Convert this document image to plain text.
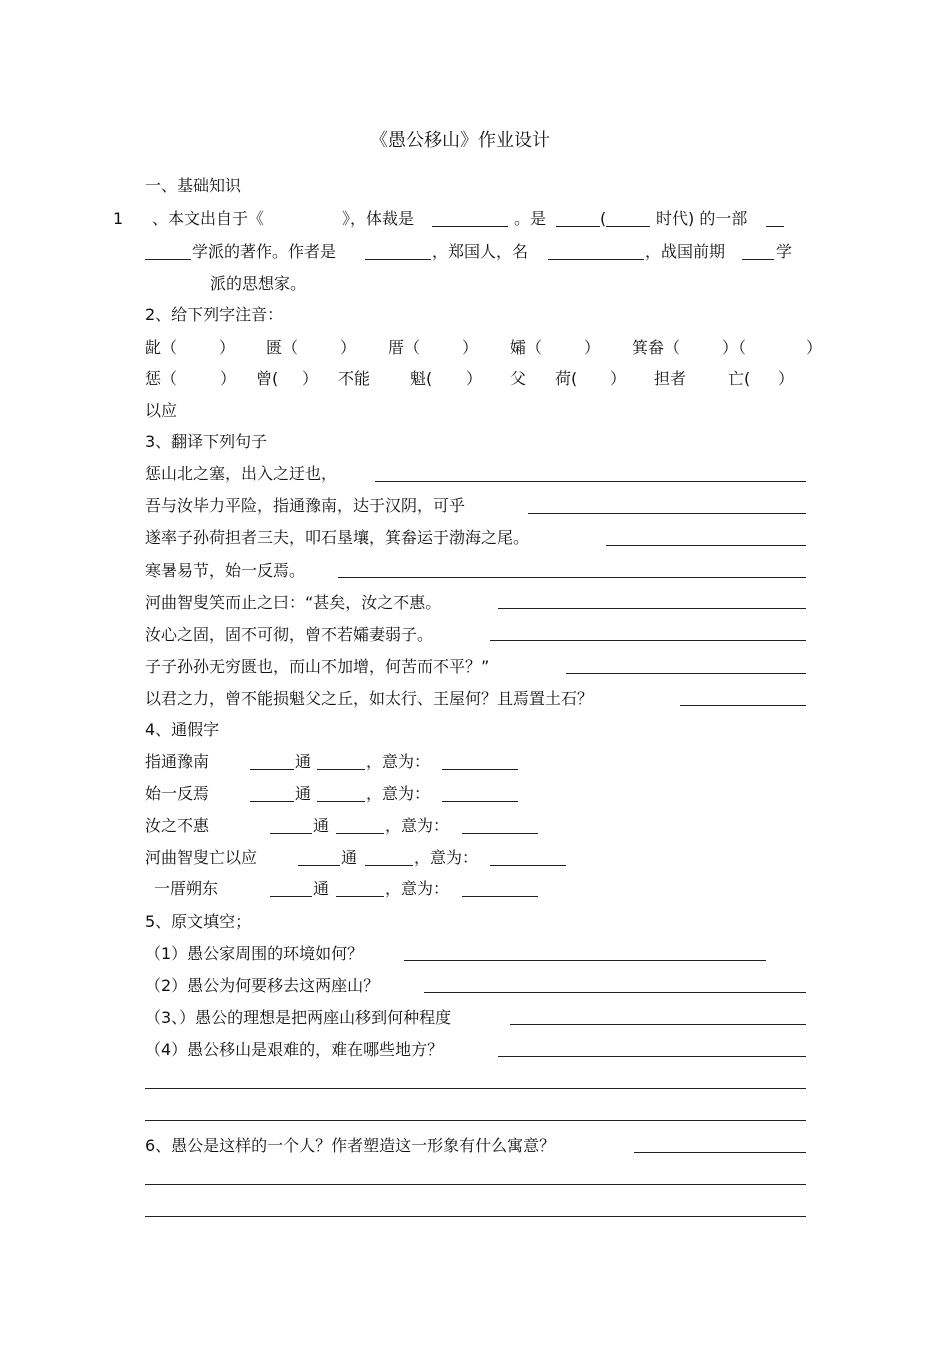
《愚公移山》作业设计
一、基础知识
1 、本文出自于《	》，体裁是	。是	(	时代) 的一部
学派的著作。作者是	，郑国人，名	，战国前期	学
派的思想家。
2、给下列字注音：
龀（	） 匮（	） 厝（	） 孀（	） 箕畚（	）（	）
惩（	） 曾( ） 不能 魁( ） 父 荷( ） 担者	亡( ）
以应
3、翻译下列句子
惩山北之塞，出入之迂也，
吾与汝毕力平险，指通豫南，达于汉阴，可乎
遂率子孙荷担者三夫，叩石垦壤，箕畚运于渤海之尾。
寒暑易节，始一反焉。
河曲智叟笑而止之曰：“甚矣，汝之不惠。
汝心之固，固不可彻，曾不若孀妻弱子。
子子孙孙无穷匮也，而山不加增，何苦而不平？”
以君之力，曾不能损魁父之丘，如太行、王屋何？且焉置土石？
4、通假字
指通豫南	通	，意为：
始一反焉	通	，意为：
汝之不惠	通	，意为：
河曲智叟亡以应	通	，意为：
一厝朔东	通	，意为：
5、原文填空；
（1）愚公家周围的环境如何？
（2）愚公为何要移去这两座山？
（3、）愚公的理想是把两座山移到何种程度
（4）愚公移山是艰难的，难在哪些地方？
6、愚公是这样的一个人？作者塑造这一形象有什么寓意？
